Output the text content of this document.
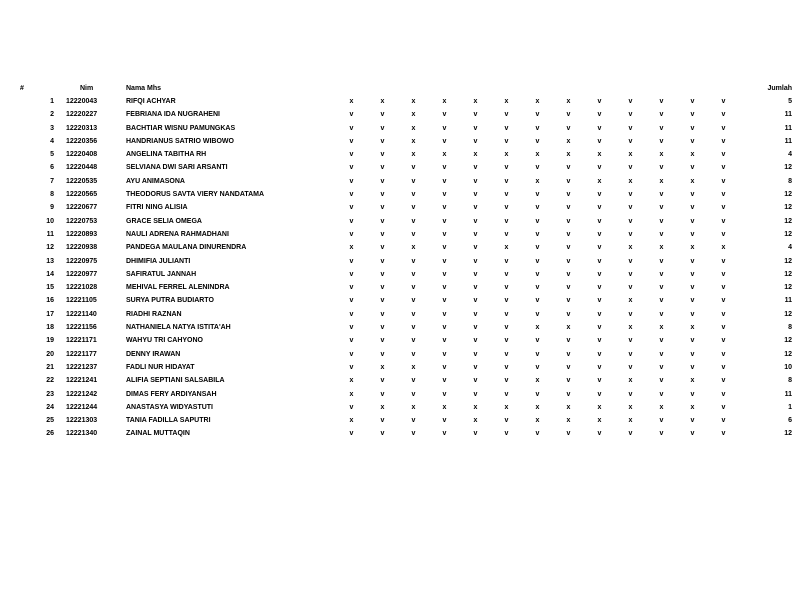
#	Nim	Nama Mhs														Jumlah
1	12220043	RIFQI ACHYAR	x	x	x	x	x	x	x	x	v	v	v	v	v	5
2	12220227	FEBRIANA IDA NUGRAHENI	v	v	x	v	v	v	v	v	v	v	v	v	v	11
3	12220313	BACHTIAR WISNU PAMUNGKAS	v	v	x	v	v	v	v	v	v	v	v	v	v	11
4	12220356	HANDRIANUS SATRIO WIBOWO	v	v	x	v	v	v	v	x	v	v	v	v	v	11
5	12220408	ANGELINA TABITHA RH	v	v	x	x	x	x	x	x	x	x	x	x	v	4
6	12220448	SELVIANA DWI SARI ARSANTI	v	v	v	v	v	v	v	v	v	v	v	v	v	12
7	12220535	AYU ANIMASONA	v	v	v	v	v	v	x	v	x	x	x	x	v	8
8	12220565	THEODORUS SAVTA VIERY NANDATAMA	v	v	v	v	v	v	v	v	v	v	v	v	v	12
9	12220677	FITRI NING ALISIA	v	v	v	v	v	v	v	v	v	v	v	v	v	12
10	12220753	GRACE SELIA OMEGA	v	v	v	v	v	v	v	v	v	v	v	v	v	12
11	12220893	NAULI ADRENA RAHMADHANI	v	v	v	v	v	v	v	v	v	v	v	v	v	12
12	12220938	PANDEGA MAULANA DINURENDRA	x	v	x	v	v	x	v	v	v	x	x	x	x	4
13	12220975	DHIMIFIA JULIANTI	v	v	v	v	v	v	v	v	v	v	v	v	v	12
14	12220977	SAFIRATUL JANNAH	v	v	v	v	v	v	v	v	v	v	v	v	v	12
15	12221028	MEHIVAL FERREL ALENINDRA	v	v	v	v	v	v	v	v	v	v	v	v	v	12
16	12221105	SURYA PUTRA BUDIARTO	v	v	v	v	v	v	v	v	v	x	v	v	v	11
17	12221140	RIADHI RAZNAN	v	v	v	v	v	v	v	v	v	v	v	v	v	12
18	12221156	NATHANIELA NATYA ISTITA'AH	v	v	v	v	v	v	x	x	v	x	x	x	v	8
19	12221171	WAHYU TRI CAHYONO	v	v	v	v	v	v	v	v	v	v	v	v	v	12
20	12221177	DENNY IRAWAN	v	v	v	v	v	v	v	v	v	v	v	v	v	12
21	12221237	FADLI NUR HIDAYAT	v	x	x	v	v	v	v	v	v	v	v	v	v	10
22	12221241	ALIFIA SEPTIANI SALSABILA	x	v	v	v	v	v	x	v	v	x	v	x	v	8
23	12221242	DIMAS FERY ARDIYANSAH	x	v	v	v	v	v	v	v	v	v	v	v	v	11
24	12221244	ANASTASYA WIDYASTUTI	v	x	x	x	x	x	x	x	x	x	x	x	v	1
25	12221303	TANIA FADILLA SAPUTRI	x	v	v	v	x	v	x	x	x	x	v	v	v	6
26	12221340	ZAINAL MUTTAQIN	v	v	v	v	v	v	v	v	v	v	v	v	v	12
